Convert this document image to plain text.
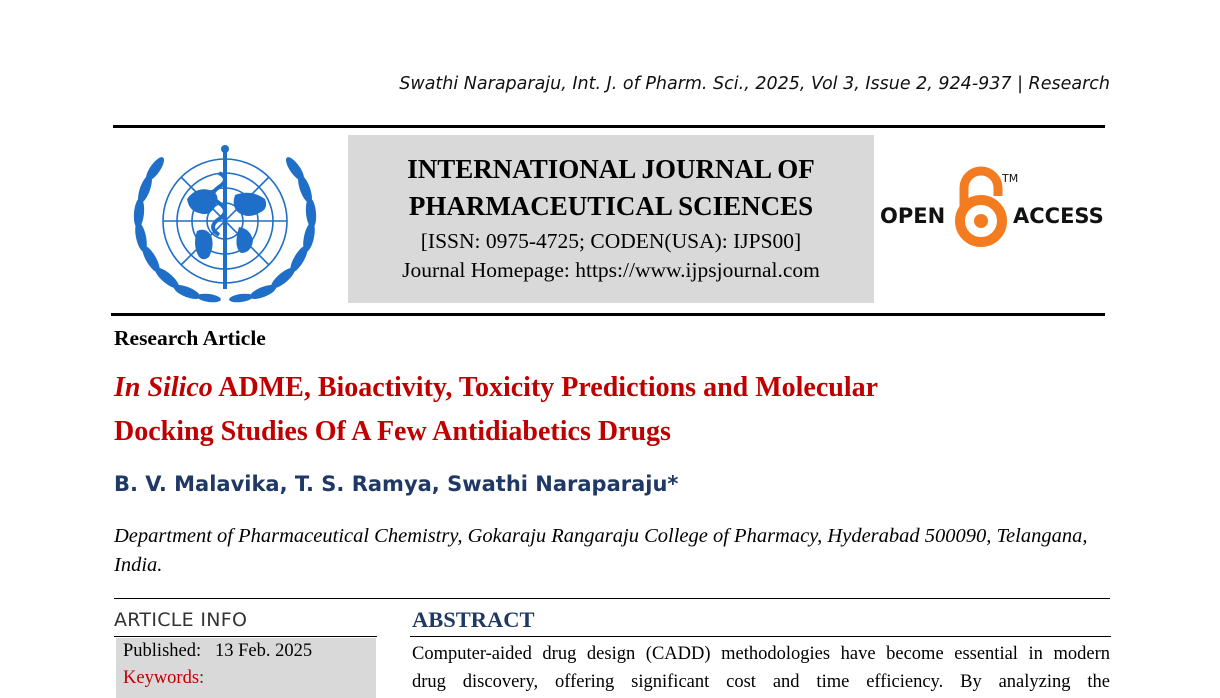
Swathi Naraparaju, Int. J. of Pharm. Sci., 2025, Vol 3, Issue 2, 924-937 | Research
INTERNATIONAL JOURNAL OF
PHARMACEUTICAL SCIENCES
[ISSN: 0975-4725; CODEN(USA): IJPS00]
Journal Homepage: https://www.ijpsjournal.com
OPEN	ACCESS
TM
Research Article
In Silico ADME, Bioactivity, Toxicity Predictions and Molecular
Docking Studies Of A Few Antidiabetics Drugs
B. V. Malavika, T. S. Ramya, Swathi Naraparaju*
Department of Pharmaceutical Chemistry, Gokaraju Rangaraju College of Pharmacy, Hyderabad 500090, Telangana, India.
ARTICLE INFO
Published: 13 Feb. 2025
Keywords:
ABSTRACT
Computer-aided drug design (CADD) methodologies have become essential in modern
drug discovery, offering significant cost and time efficiency. By analyzing the
